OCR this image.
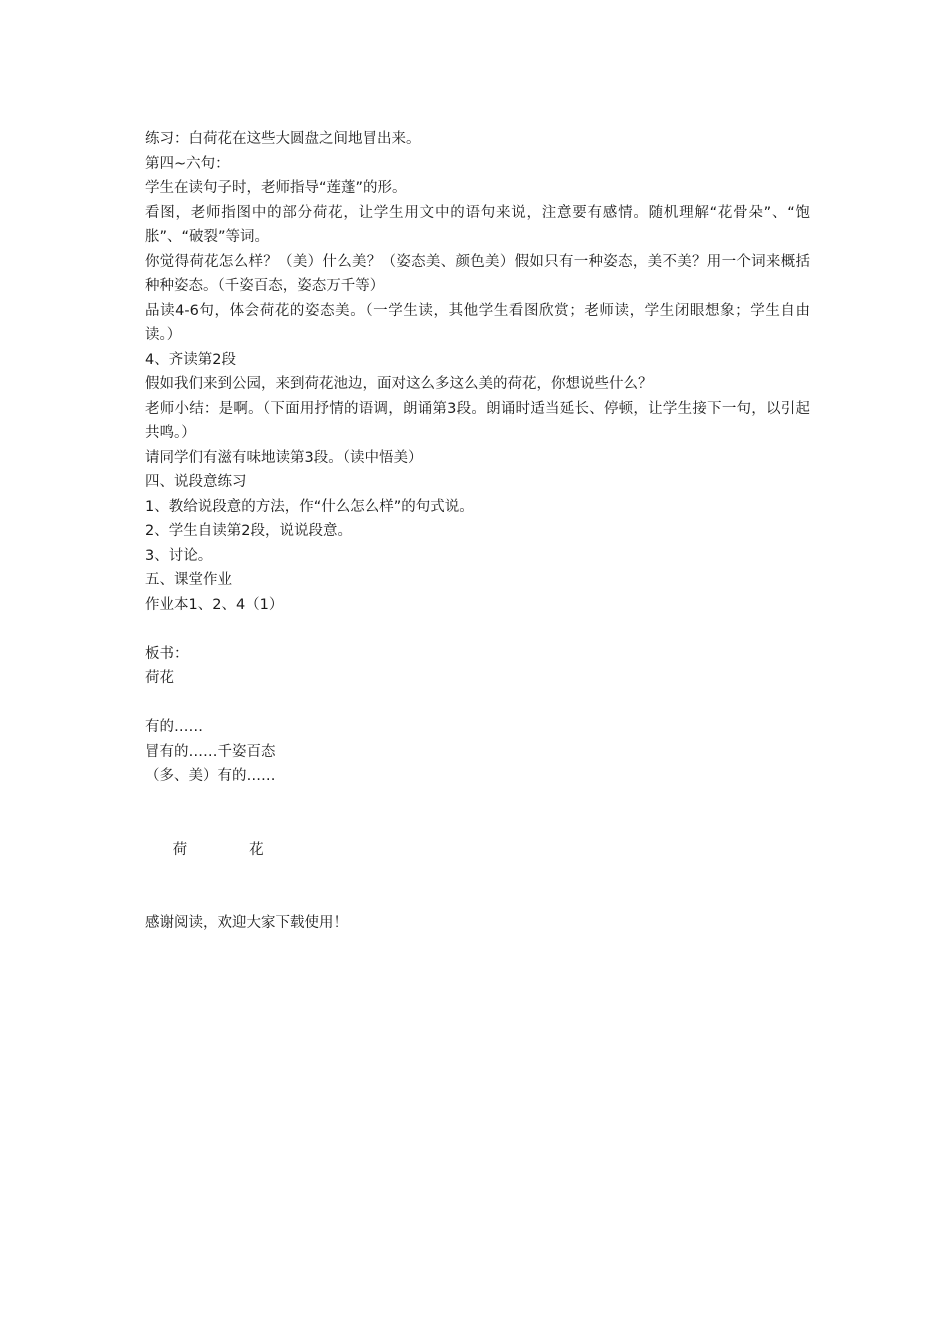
练习：白荷花在这些大圆盘之间地冒出来。
第四~六句：
学生在读句子时，老师指导“莲蓬”的形。
看图，老师指图中的部分荷花，让学生用文中的语句来说，注意要有感情。随机理解“花骨朵”、“饱胀”、“破裂”等词。
你觉得荷花怎么样？（美）什么美？（姿态美、颜色美）假如只有一种姿态，美不美？用一个词来概括种种姿态。（千姿百态，姿态万千等）
品读4-6句，体会荷花的姿态美。（一学生读，其他学生看图欣赏；老师读，学生闭眼想象；学生自由读。）
4、齐读第2段
假如我们来到公园，来到荷花池边，面对这么多这么美的荷花，你想说些什么？
老师小结：是啊。（下面用抒情的语调，朗诵第3段。朗诵时适当延长、停顿，让学生接下一句，以引起共鸣。）
请同学们有滋有味地读第3段。（读中悟美）
四、说段意练习
1、教给说段意的方法，作“什么怎么样”的句式说。
2、学生自读第2段，说说段意。
3、讨论。
五、课堂作业
作业本1、2、4（1）
板书：
荷花
有的……
冒有的……千姿百态
（多、美）有的……

荷	花

感谢阅读，欢迎大家下载使用！
